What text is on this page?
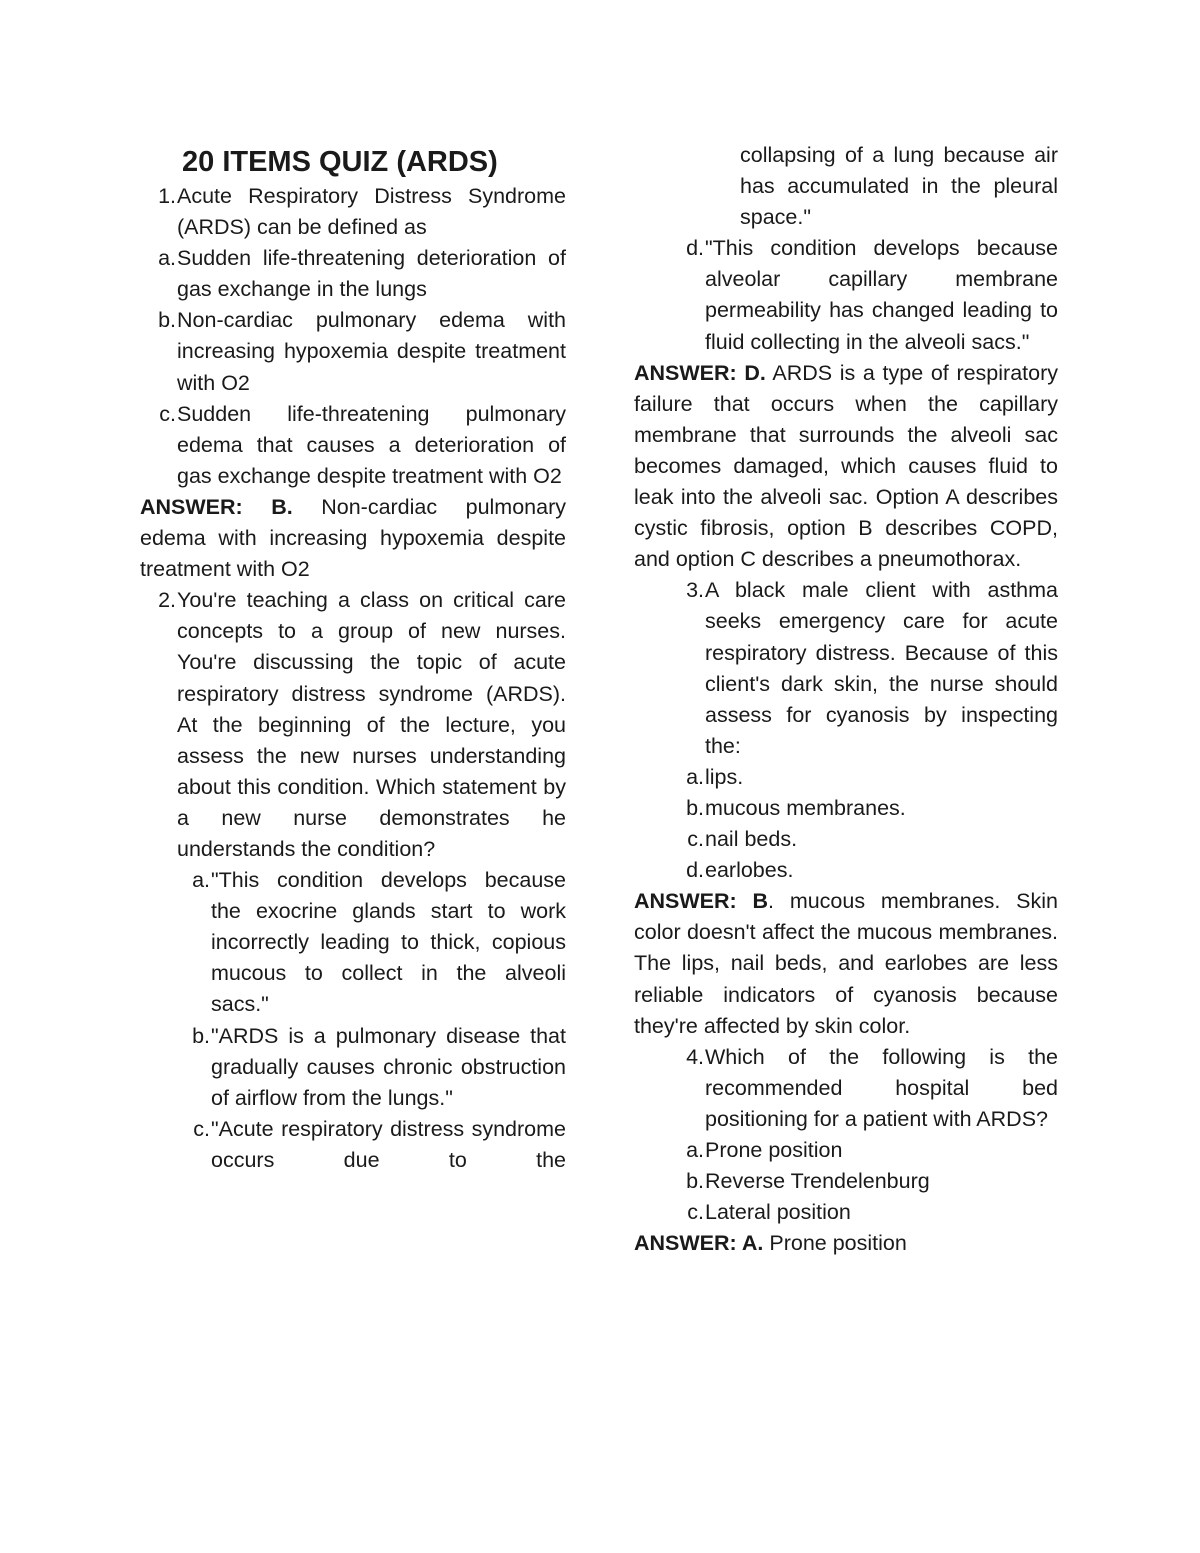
20 ITEMS QUIZ (ARDS)
1. Acute Respiratory Distress Syndrome (ARDS) can be defined as
a. Sudden life-threatening deterioration of gas exchange in the lungs
b. Non-cardiac pulmonary edema with increasing hypoxemia despite treatment with O2
c. Sudden life-threatening pulmonary edema that causes a deterioration of gas exchange despite treatment with O2
ANSWER: B. Non-cardiac pulmonary edema with increasing hypoxemia despite treatment with O2
2. You're teaching a class on critical care concepts to a group of new nurses. You're discussing the topic of acute respiratory distress syndrome (ARDS). At the beginning of the lecture, you assess the new nurses understanding about this condition. Which statement by a new nurse demonstrates he understands the condition?
a. "This condition develops because the exocrine glands start to work incorrectly leading to thick, copious mucous to collect in the alveoli sacs."
b. "ARDS is a pulmonary disease that gradually causes chronic obstruction of airflow from the lungs."
c. "Acute respiratory distress syndrome occurs due to the
collapsing of a lung because air has accumulated in the pleural space."
d. "This condition develops because alveolar capillary membrane permeability has changed leading to fluid collecting in the alveoli sacs."
ANSWER: D. ARDS is a type of respiratory failure that occurs when the capillary membrane that surrounds the alveoli sac becomes damaged, which causes fluid to leak into the alveoli sac. Option A describes cystic fibrosis, option B describes COPD, and option C describes a pneumothorax.
3. A black male client with asthma seeks emergency care for acute respiratory distress. Because of this client's dark skin, the nurse should assess for cyanosis by inspecting the:
a. lips.
b. mucous membranes.
c. nail beds.
d. earlobes.
ANSWER: B. mucous membranes. Skin color doesn't affect the mucous membranes. The lips, nail beds, and earlobes are less reliable indicators of cyanosis because they're affected by skin color.
4. Which of the following is the recommended hospital bed positioning for a patient with ARDS?
a. Prone position
b. Reverse Trendelenburg
c. Lateral position
ANSWER: A. Prone position
